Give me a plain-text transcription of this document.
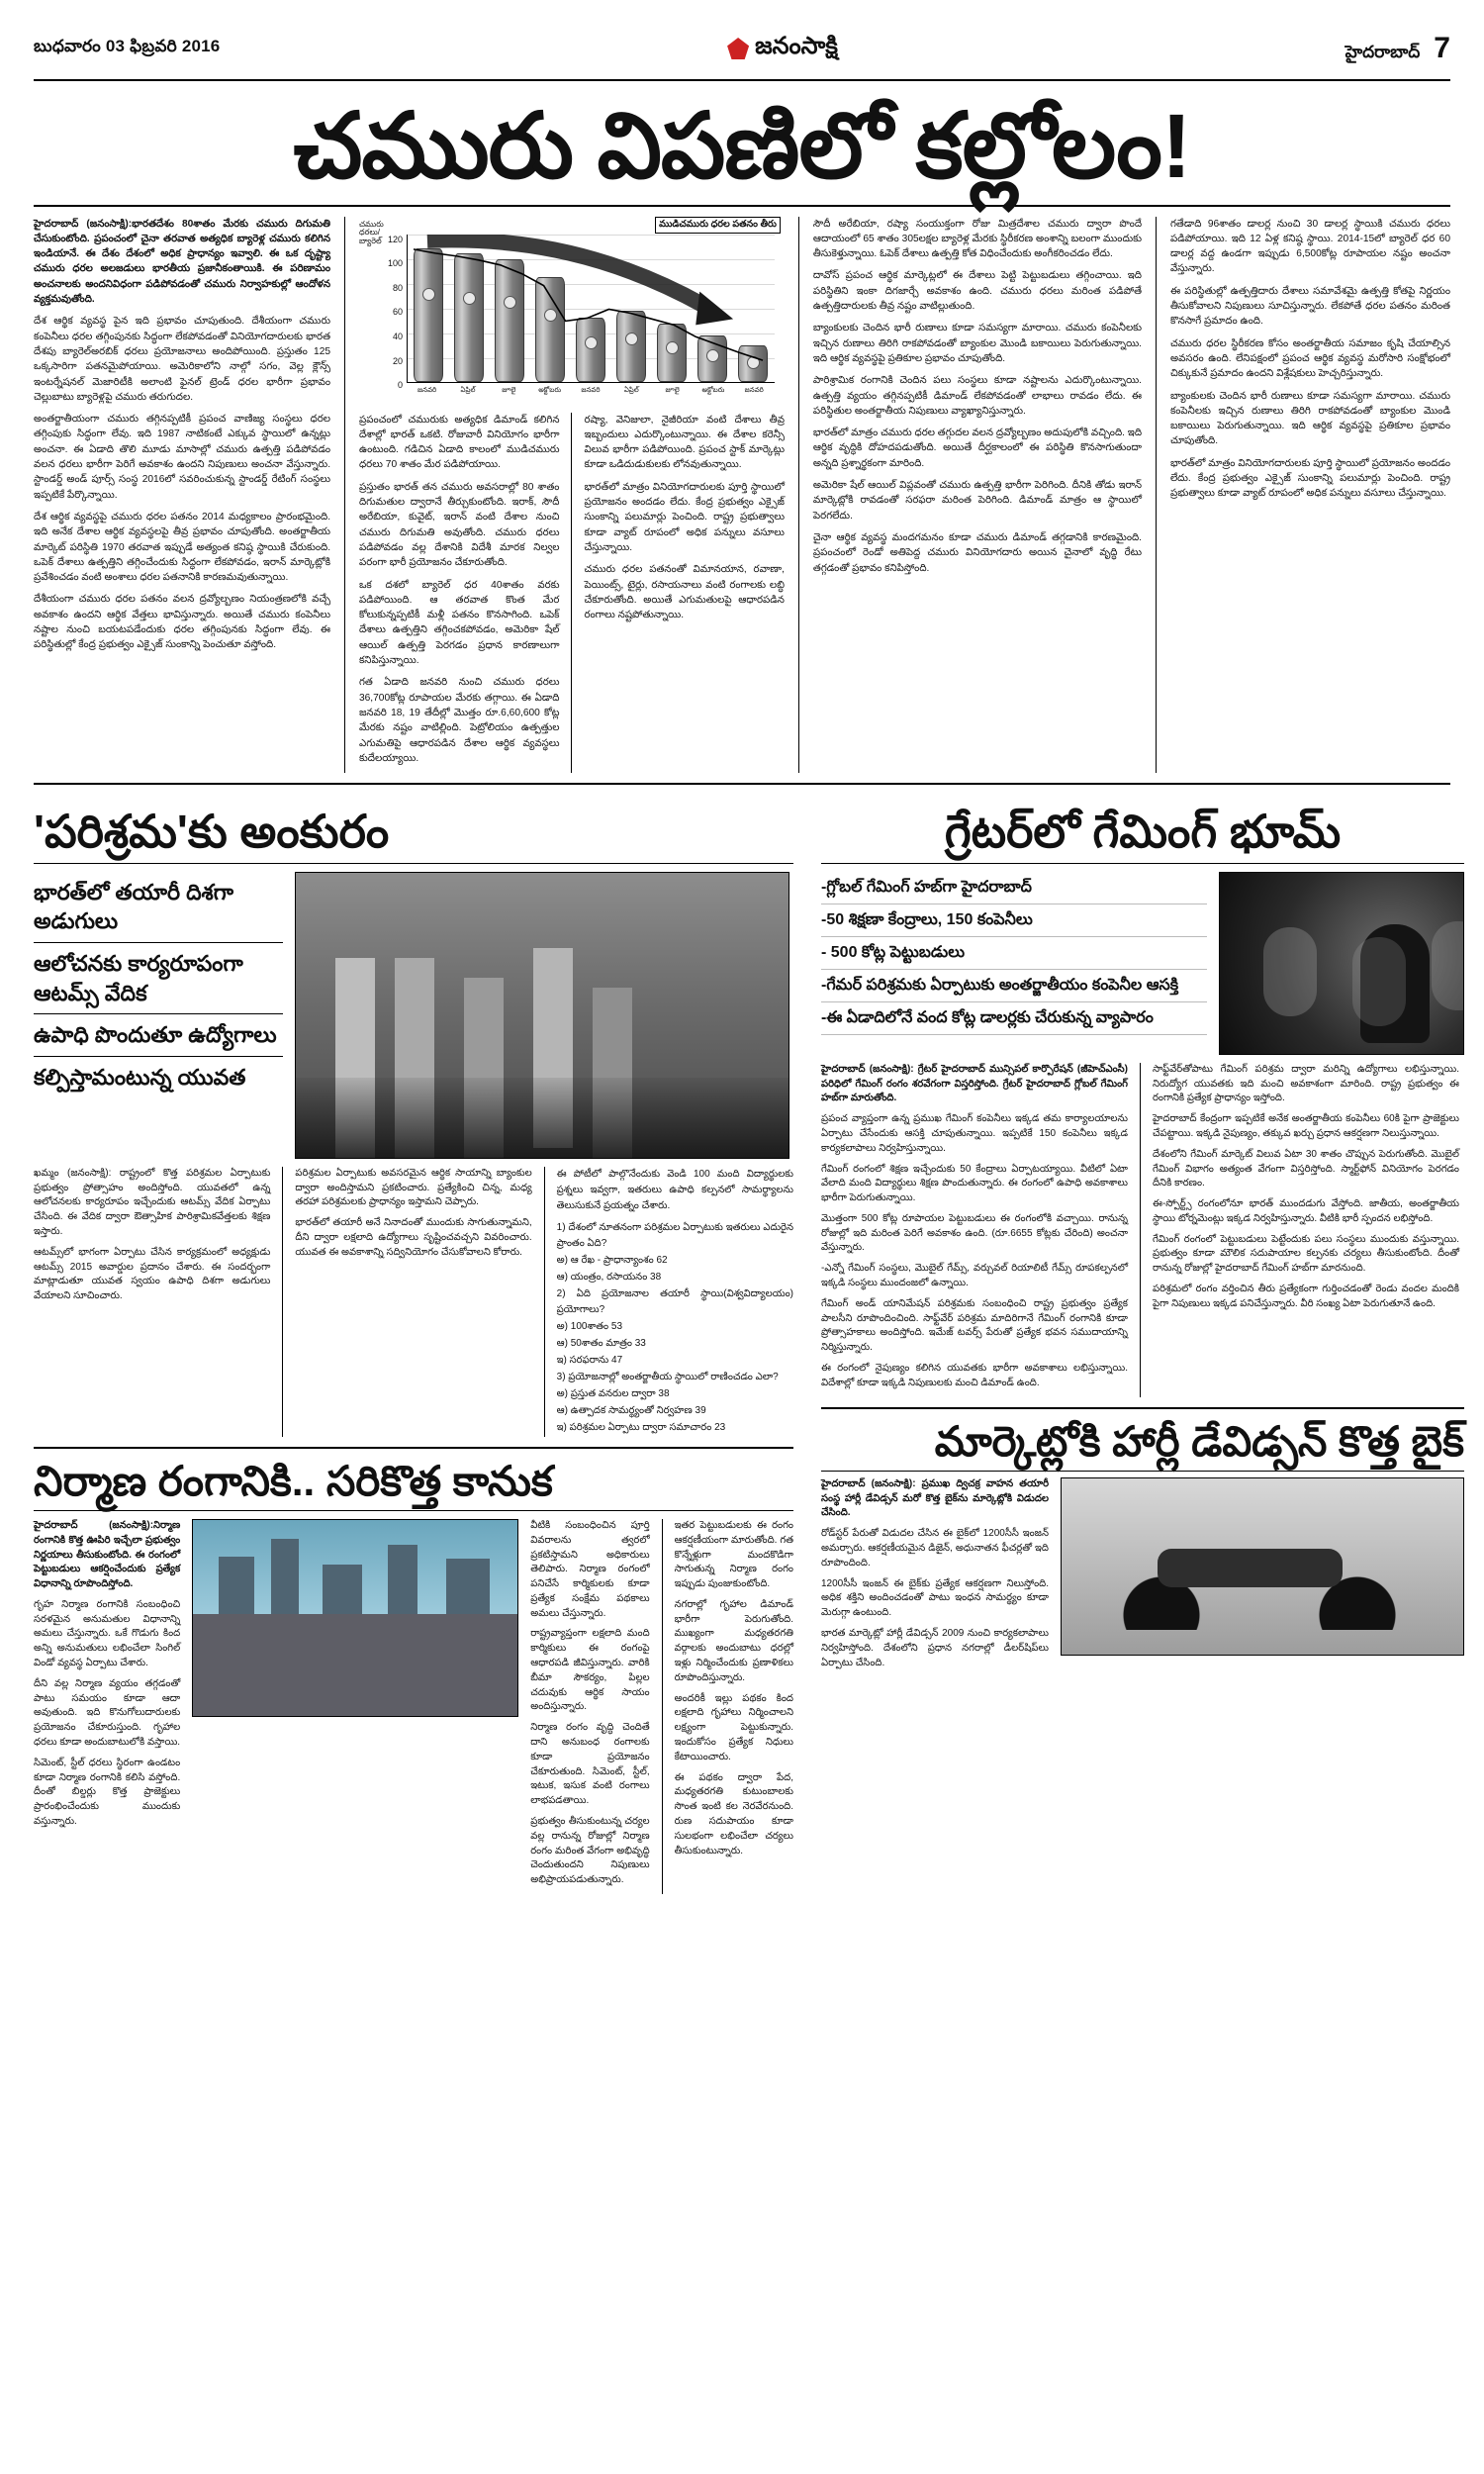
బుధవారం 03 ఫిబ్రవరి 2016	జనంసాక్షి	హైదరాబాద్ 7
చమురు విపణిలో కల్లోలం!

హైదరాబాద్ (జనంసాక్షి):భారతదేశం 80శాతం మేరకు చమురు దిగుమతి చేసుకుంటోంది. ప్రపంచంలో చైనా తరవాత అత్యధిక బ్యారెళ్ల చమురు కలిగిన ఇండియానే. ఈ దేశం దేశంలో అధిక ప్రాధాన్యం ఇవ్వాలి. ఈ ఒక దృష్ట్యా చమురు ధరల అలజడులు భారతీయ ప్రజానీకంతాయికి. ఈ పరిణామం అంచనాలకు అందనివిధంగా పడిపోవడంతో చమురు నిర్వాహకుల్లో ఆందోళన వ్యక్తమవుతోంది.

దేశ ఆర్థిక వ్యవస్థ పైన ఇది ప్రభావం చూపుతుంది. దేశీయంగా చమురు కంపెనీలు ధరల తగ్గింపునకు సిద్ధంగా లేకపోవడంతో వినియోగదారులకు భారత దేశపు బ్యారెల్‌అరబిక్ ధరలు ప్రయోజనాలు అందిపోయింది. ప్రస్తుతం 125 ఒక్కసారిగా పతనమైపోయాయి. అమెరికాలోని నాల్గో సగం, వెల్ల క్లౌన్స్ ఇంటర్నేషనల్ మెజారిటీకి అలాంటి ఫైనల్ ట్రెండ్ ధరల భారీగా ప్రభావం చెల్లుబాటు బ్యారెళ్లపై చమురు తరుగుదల.

అంతర్జాతీయంగా చమురు తగ్గినప్పటికీ ప్రపంచ వాణిజ్య సంస్థలు ధరల తగ్గింపుకు సిద్ధంగా లేవు. ఇది 1987 నాటికంటే ఎక్కువ స్థాయిలో ఉన్నట్లు అంచనా. ఈ ఏడాది తొలి మూడు మాసాల్లో చమురు ఉత్పత్తి పడిపోవడం వలన ధరలు భారీగా పెరిగే అవకాశం ఉందని నిపుణులు అంచనా వేస్తున్నారు. స్టాండర్డ్ అండ్ పూర్స్ సంస్థ 2016లో సవరించుకున్న స్టాండర్డ్ రేటింగ్ సంస్థలు ఇప్పటికే పేర్కొన్నాయి.

దేశ ఆర్థిక వ్యవస్థపై చమురు ధరల పతనం 2014 మధ్యకాలం ప్రారంభమైంది. ఇది అనేక దేశాల ఆర్థిక వ్యవస్థలపై తీవ్ర ప్రభావం చూపుతోంది. అంతర్జాతీయ మార్కెట్ పరిస్థితి 1970 తరవాత ఇప్పుడే అత్యంత కనిష్ఠ స్థాయికి చేరుకుంది. ఒపెక్ దేశాలు ఉత్పత్తిని తగ్గించేందుకు సిద్ధంగా లేకపోవడం, ఇరాన్ మార్కెట్లోకి ప్రవేశించడం వంటి అంశాలు ధరల పతనానికి కారణమవుతున్నాయి.

దేశీయంగా చమురు ధరల పతనం వలన ద్రవ్యోల్బణం నియంత్రణలోకి వచ్చే అవకాశం ఉందని ఆర్థిక వేత్తలు భావిస్తున్నారు. అయితే చమురు కంపెనీలు నష్టాల నుంచి బయటపడేందుకు ధరల తగ్గింపునకు సిద్ధంగా లేవు. ఈ పరిస్థితుల్లో కేంద్ర ప్రభుత్వం ఎక్సైజ్ సుంకాన్ని పెంచుతూ వస్తోంది.

చమురు ధరలు/బ్యారెల్ 120
100
80
60
40
20
0
ముడిచమురు ధరల పతనం తీరు
జనవరి	ఏప్రిల్	జూలై	అక్టోబరు	జనవరి	ఏప్రిల్	జూలై	అక్టోబరు	జనవరి

ప్రపంచంలో చమురుకు అత్యధిక డిమాండ్ కలిగిన దేశాల్లో భారత్ ఒకటి. రోజువారీ వినియోగం భారీగా ఉంటుంది. గడిచిన ఏడాది కాలంలో ముడిచమురు ధరలు 70 శాతం మేర పడిపోయాయి.

ప్రస్తుతం భారత్ తన చమురు అవసరాల్లో 80 శాతం దిగుమతుల ద్వారానే తీర్చుకుంటోంది. ఇరాక్, సౌదీ అరేబియా, కువైట్, ఇరాన్ వంటి దేశాల నుంచి చమురు దిగుమతి అవుతోంది. చమురు ధరలు పడిపోవడం వల్ల దేశానికి విదేశీ మారక నిల్వల పరంగా భారీ ప్రయోజనం చేకూరుతోంది.

ఒక దశలో బ్యారెల్ ధర 40శాతం వరకు పడిపోయింది. ఆ తరవాత కొంత మేర కోలుకున్నప్పటికీ మళ్లీ పతనం కొనసాగింది. ఒపెక్ దేశాలు ఉత్పత్తిని తగ్గించకపోవడం, అమెరికా షేల్ ఆయిల్ ఉత్పత్తి పెరగడం ప్రధాన కారణాలుగా కనిపిస్తున్నాయి.

గత ఏడాది జనవరి నుంచి చమురు ధరలు 36,700కోట్ల రూపాయల మేరకు తగ్గాయి. ఈ ఏడాది జనవరి 18, 19 తేదీల్లో మొత్తం రూ.6,60,600 కోట్ల మేరకు నష్టం వాటిల్లింది. పెట్రోలియం ఉత్పత్తుల ఎగుమతిపై ఆధారపడిన దేశాల ఆర్థిక వ్యవస్థలు కుదేలయ్యాయి.

రష్యా, వెనిజులా, నైజీరియా వంటి దేశాలు తీవ్ర ఇబ్బందులు ఎదుర్కొంటున్నాయి. ఈ దేశాల కరెన్సీ విలువ భారీగా పడిపోయింది. ప్రపంచ స్టాక్ మార్కెట్లు కూడా ఒడిదుడుకులకు లోనవుతున్నాయి.

భారత్‌లో మాత్రం వినియోగదారులకు పూర్తి స్థాయిలో ప్రయోజనం అందడం లేదు. కేంద్ర ప్రభుత్వం ఎక్సైజ్ సుంకాన్ని పలుమార్లు పెంచింది. రాష్ట్ర ప్రభుత్వాలు కూడా వ్యాట్ రూపంలో అధిక పన్నులు వసూలు చేస్తున్నాయి.

చమురు ధరల పతనంతో విమానయాన, రవాణా, పెయింట్స్, టైర్లు, రసాయనాలు వంటి రంగాలకు లబ్ధి చేకూరుతోంది. అయితే ఎగుమతులపై ఆధారపడిన రంగాలు నష్టపోతున్నాయి.

సౌదీ అరేబియా, రష్యా సంయుక్తంగా రోజు మిత్రదేశాల చమురు ద్వారా పొందే ఆదాయంలో 65 శాతం 305లక్షల బ్యారెళ్ల మేరకు స్థిరీకరణ అంశాన్ని బలంగా ముందుకు తీసుకెళ్తున్నాయి. ఓపెక్ దేశాలు ఉత్పత్తి కోత విధించేందుకు అంగీకరించడం లేదు.

దావోస్ ప్రపంచ ఆర్థిక మార్కెట్లలో ఈ దేశాలు పెట్టి పెట్టుబడులు తగ్గించాయి. ఇది పరిస్థితిని ఇంకా దిగజార్చే అవకాశం ఉంది. చమురు ధరలు మరింత పడిపోతే ఉత్పత్తిదారులకు తీవ్ర నష్టం వాటిల్లుతుంది.

బ్యాంకులకు చెందిన భారీ రుణాలు కూడా సమస్యగా మారాయి. చమురు కంపెనీలకు ఇచ్చిన రుణాలు తిరిగి రాకపోవడంతో బ్యాంకుల మొండి బకాయిలు పెరుగుతున్నాయి. ఇది ఆర్థిక వ్యవస్థపై ప్రతికూల ప్రభావం చూపుతోంది.

పారిశ్రామిక రంగానికి చెందిన పలు సంస్థలు కూడా నష్టాలను ఎదుర్కొంటున్నాయి. ఉత్పత్తి వ్యయం తగ్గినప్పటికీ డిమాండ్ లేకపోవడంతో లాభాలు రావడం లేదు. ఈ పరిస్థితుల అంతర్జాతీయ నిపుణులు వ్యాఖ్యానిస్తున్నారు.

భారత్‌లో మాత్రం చమురు ధరల తగ్గుదల వలన ద్రవ్యోల్బణం అదుపులోకి వచ్చింది. ఇది ఆర్థిక వృద్ధికి దోహదపడుతోంది. అయితే దీర్ఘకాలంలో ఈ పరిస్థితి కొనసాగుతుందా అన్నది ప్రశ్నార్థకంగా మారింది.

అమెరికా షేల్ ఆయిల్ విప్లవంతో చమురు ఉత్పత్తి భారీగా పెరిగింది. దీనికి తోడు ఇరాన్ మార్కెట్లోకి రావడంతో సరఫరా మరింత పెరిగింది. డిమాండ్ మాత్రం ఆ స్థాయిలో పెరగలేదు.

చైనా ఆర్థిక వ్యవస్థ మందగమనం కూడా చమురు డిమాండ్ తగ్గడానికి కారణమైంది. ప్రపంచంలో రెండో అతిపెద్ద చమురు వినియోగదారు అయిన చైనాలో వృద్ధి రేటు తగ్గడంతో ప్రభావం కనిపిస్తోంది.

గతేడాది 96శాతం డాలర్ల నుంచి 30 డాలర్ల స్థాయికి చమురు ధరలు పడిపోయాయి. ఇది 12 ఏళ్ల కనిష్ఠ స్థాయి. 2014-15లో బ్యారెల్ ధర 60 డాలర్ల వద్ద ఉండగా ఇప్పుడు 6,500కోట్ల రూపాయల నష్టం అంచనా వేస్తున్నారు.

ఈ పరిస్థితుల్లో ఉత్పత్తిదారు దేశాలు సమావేశమై ఉత్పత్తి కోతపై నిర్ణయం తీసుకోవాలని నిపుణులు సూచిస్తున్నారు. లేకపోతే ధరల పతనం మరింత కొనసాగే ప్రమాదం ఉంది.

చమురు ధరల స్థిరీకరణ కోసం అంతర్జాతీయ సమాజం కృషి చేయాల్సిన అవసరం ఉంది. లేనిపక్షంలో ప్రపంచ ఆర్థిక వ్యవస్థ మరోసారి సంక్షోభంలో చిక్కుకునే ప్రమాదం ఉందని విశ్లేషకులు హెచ్చరిస్తున్నారు.

బ్యాంకులకు చెందిన భారీ రుణాలు కూడా సమస్యగా మారాయి. చమురు కంపెనీలకు ఇచ్చిన రుణాలు తిరిగి రాకపోవడంతో బ్యాంకుల మొండి బకాయిలు పెరుగుతున్నాయి. ఇది ఆర్థిక వ్యవస్థపై ప్రతికూల ప్రభావం చూపుతోంది.

భారత్‌లో మాత్రం వినియోగదారులకు పూర్తి స్థాయిలో ప్రయోజనం అందడం లేదు. కేంద్ర ప్రభుత్వం ఎక్సైజ్ సుంకాన్ని పలుమార్లు పెంచింది. రాష్ట్ర ప్రభుత్వాలు కూడా వ్యాట్ రూపంలో అధిక పన్నులు వసూలు చేస్తున్నాయి.

'పరిశ్రమ'కు అంకురం
భారత్‌లో తయారీ దిశగా అడుగులు
ఆలోచనకు కార్యరూపంగా ఆటమ్స్ వేదిక
ఉపాధి పొందుతూ ఉద్యోగాలు
కల్పిస్తామంటున్న యువత

ఖమ్మం (జనంసాక్షి): రాష్ట్రంలో కొత్త పరిశ్రమల ఏర్పాటుకు ప్రభుత్వం ప్రోత్సాహం అందిస్తోంది. యువతలో ఉన్న ఆలోచనలకు కార్యరూపం ఇచ్చేందుకు ఆటమ్స్ వేదిక ఏర్పాటు చేసింది. ఈ వేదిక ద్వారా ఔత్సాహిక పారిశ్రామికవేత్తలకు శిక్షణ ఇస్తారు.

ఆటమ్స్‌లో భాగంగా ఏర్పాటు చేసిన కార్యక్రమంలో అధ్యక్షుడు ఆటమ్స్ 2015 అవార్డుల ప్రదానం చేశారు. ఈ సందర్భంగా మాట్లాడుతూ యువత స్వయం ఉపాధి దిశగా అడుగులు వేయాలని సూచించారు.

పరిశ్రమల ఏర్పాటుకు అవసరమైన ఆర్థిక సాయాన్ని బ్యాంకుల ద్వారా అందిస్తామని ప్రకటించారు. ప్రత్యేకించి చిన్న, మధ్య తరహా పరిశ్రమలకు ప్రాధాన్యం ఇస్తామని చెప్పారు.

భారత్‌లో తయారీ అనే నినాదంతో ముందుకు సాగుతున్నామని, దీని ద్వారా లక్షలాది ఉద్యోగాలు సృష్టించవచ్చని వివరించారు. యువత ఈ అవకాశాన్ని సద్వినియోగం చేసుకోవాలని కోరారు.

ఈ పోటీలో పాల్గొనేందుకు వెండి 100 మంది విద్యార్థులకు ప్రశ్నలు ఇవ్వగా, ఇతరులు ఉపాధి కల్పనలో సామర్థ్యాలను తెలుసుకునే ప్రయత్నం చేశారు.

1) దేశంలో నూతనంగా పరిశ్రమల ఏర్పాటుకు ఇతరులు ఎదురైన ప్రాంతం ఏది?
అ) ఆ రేఖ - ప్రాధాన్యాంశం 62
ఆ) యంత్రం, రసాయనం 38
2) ఏది ప్రయోజనాల తయారీ స్థాయి(విశ్వవిద్యాలయం) ప్రయోగాలు?
అ) 100శాతం 53
ఆ) 50శాతం మాత్రం 33
ఇ) సరఫరాను 47
3) ప్రయోజనాల్లో అంతర్జాతీయ స్థాయిలో రాణించడం ఎలా?
అ) ప్రస్తుత వనరుల ద్వారా 38
ఆ) ఉత్పాదక సామర్థ్యంతో నిర్వహణ 39
ఇ) పరిశ్రమల ఏర్పాటు ద్వారా సమాచారం 23
నిర్మాణ రంగానికి.. సరికొత్త కానుక

హైదరాబాద్ (జనంసాక్షి):నిర్మాణ రంగానికి కొత్త ఊపిరి ఇచ్చేలా ప్రభుత్వం నిర్ణయాలు తీసుకుంటోంది. ఈ రంగంలో పెట్టుబడులు ఆకర్షించేందుకు ప్రత్యేక విధానాన్ని రూపొందిస్తోంది.

గృహ నిర్మాణ రంగానికి సంబంధించి సరళమైన అనుమతుల విధానాన్ని అమలు చేస్తున్నారు. ఒకే గొడుగు కింద అన్ని అనుమతులు లభించేలా సింగిల్ విండో వ్యవస్థ ఏర్పాటు చేశారు.

దీని వల్ల నిర్మాణ వ్యయం తగ్గడంతో పాటు సమయం కూడా ఆదా అవుతుంది. ఇది కొనుగోలుదారులకు ప్రయోజనం చేకూరుస్తుంది. గృహాల ధరలు కూడా అందుబాటులోకి వస్తాయి.

సిమెంట్, స్టీల్ ధరలు స్థిరంగా ఉండటం కూడా నిర్మాణ రంగానికి కలిసి వస్తోంది. దీంతో బిల్డర్లు కొత్త ప్రాజెక్టులు ప్రారంభించేందుకు ముందుకు వస్తున్నారు.

వీటికి సంబంధించిన పూర్తి వివరాలను త్వరలో ప్రకటిస్తామని అధికారులు తెలిపారు. నిర్మాణ రంగంలో పనిచేసే కార్మికులకు కూడా ప్రత్యేక సంక్షేమ పథకాలు అమలు చేస్తున్నారు.

రాష్ట్రవ్యాప్తంగా లక్షలాది మంది కార్మికులు ఈ రంగంపై ఆధారపడి జీవిస్తున్నారు. వారికి బీమా సౌకర్యం, పిల్లల చదువుకు ఆర్థిక సాయం అందిస్తున్నారు.

నిర్మాణ రంగం వృద్ధి చెందితే దాని అనుబంధ రంగాలకు కూడా ప్రయోజనం చేకూరుతుంది. సిమెంట్, స్టీల్, ఇటుక, ఇసుక వంటి రంగాలు లాభపడతాయి.

ప్రభుత్వం తీసుకుంటున్న చర్యల వల్ల రానున్న రోజుల్లో నిర్మాణ రంగం మరింత వేగంగా అభివృద్ధి చెందుతుందని నిపుణులు అభిప్రాయపడుతున్నారు.

ఇతర పెట్టుబడులకు ఈ రంగం ఆకర్షణీయంగా మారుతోంది. గత కొన్నేళ్లుగా మందకొడిగా సాగుతున్న నిర్మాణ రంగం ఇప్పుడు పుంజుకుంటోంది.

నగరాల్లో గృహాల డిమాండ్ భారీగా పెరుగుతోంది. ముఖ్యంగా మధ్యతరగతి వర్గాలకు అందుబాటు ధరల్లో ఇళ్లు నిర్మించేందుకు ప్రణాళికలు రూపొందిస్తున్నారు.

అందరికీ ఇల్లు పథకం కింద లక్షలాది గృహాలు నిర్మించాలని లక్ష్యంగా పెట్టుకున్నారు. ఇందుకోసం ప్రత్యేక నిధులు కేటాయించారు.

ఈ పథకం ద్వారా పేద, మధ్యతరగతి కుటుంబాలకు సొంత ఇంటి కల నెరవేరనుంది. రుణ సదుపాయం కూడా సులభంగా లభించేలా చర్యలు తీసుకుంటున్నారు.

గ్రేటర్‌లో గేమింగ్ భూమ్
-గ్లోబల్ గేమింగ్ హబ్‌గా హైదరాబాద్
-50 శిక్షణా కేంద్రాలు, 150 కంపెనీలు
- 500 కోట్ల పెట్టుబడులు
-గేమర్ పరిశ్రమకు ఏర్పాటుకు అంతర్జాతీయం కంపెనీల ఆసక్తి
-ఈ ఏడాదిలోనే వంద కోట్ల డాలర్లకు చేరుకున్న వ్యాపారం

హైదరాబాద్ (జనంసాక్షి): గ్రేటర్ హైదరాబాద్ మున్సిపల్ కార్పొరేషన్ (జీహెచ్ఎంసీ) పరిధిలో గేమింగ్ రంగం శరవేగంగా విస్తరిస్తోంది. గ్రేటర్ హైదరాబాద్ గ్లోబల్ గేమింగ్ హబ్‌గా మారుతోంది.

ప్రపంచ వ్యాప్తంగా ఉన్న ప్రముఖ గేమింగ్ కంపెనీలు ఇక్కడ తమ కార్యాలయాలను ఏర్పాటు చేసేందుకు ఆసక్తి చూపుతున్నాయి. ఇప్పటికే 150 కంపెనీలు ఇక్కడ కార్యకలాపాలు నిర్వహిస్తున్నాయి.

గేమింగ్ రంగంలో శిక్షణ ఇచ్చేందుకు 50 కేంద్రాలు ఏర్పాటయ్యాయి. వీటిలో ఏటా వేలాది మంది విద్యార్థులు శిక్షణ పొందుతున్నారు. ఈ రంగంలో ఉపాధి అవకాశాలు భారీగా పెరుగుతున్నాయి.

మొత్తంగా 500 కోట్ల రూపాయల పెట్టుబడులు ఈ రంగంలోకి వచ్చాయి. రానున్న రోజుల్లో ఇది మరింత పెరిగే అవకాశం ఉంది. (రూ.6655 కోట్లకు చేరింది) అంచనా వేస్తున్నారు.

-ఎన్నో గేమింగ్ సంస్థలు, మొబైల్ గేమ్స్, వర్చువల్ రియాలిటీ గేమ్స్ రూపకల్పనలో ఇక్కడి సంస్థలు ముందంజలో ఉన్నాయి.

గేమింగ్ అండ్ యానిమేషన్ పరిశ్రమకు సంబంధించి రాష్ట్ర ప్రభుత్వం ప్రత్యేక పాలసీని రూపొందించింది. సాఫ్ట్‌వేర్ పరిశ్రమ మాదిరిగానే గేమింగ్ రంగానికి కూడా ప్రోత్సాహకాలు అందిస్తోంది. ఇమేజ్ టవర్స్ పేరుతో ప్రత్యేక భవన సముదాయాన్ని నిర్మిస్తున్నారు.

ఈ రంగంలో నైపుణ్యం కలిగిన యువతకు భారీగా అవకాశాలు లభిస్తున్నాయి. విదేశాల్లో కూడా ఇక్కడి నిపుణులకు మంచి డిమాండ్ ఉంది.

సాఫ్ట్‌వేర్‌తోపాటు గేమింగ్ పరిశ్రమ ద్వారా మరిన్ని ఉద్యోగాలు లభిస్తున్నాయి. నిరుద్యోగ యువతకు ఇది మంచి అవకాశంగా మారింది. రాష్ట్ర ప్రభుత్వం ఈ రంగానికి ప్రత్యేక ప్రాధాన్యం ఇస్తోంది.

హైదరాబాద్ కేంద్రంగా ఇప్పటికే అనేక అంతర్జాతీయ కంపెనీలు 60కి పైగా ప్రాజెక్టులు చేపట్టాయి. ఇక్కడి నైపుణ్యం, తక్కువ ఖర్చు ప్రధాన ఆకర్షణగా నిలుస్తున్నాయి.

దేశంలోని గేమింగ్ మార్కెట్ విలువ ఏటా 30 శాతం చొప్పున పెరుగుతోంది. మొబైల్ గేమింగ్ విభాగం అత్యంత వేగంగా విస్తరిస్తోంది. స్మార్ట్‌ఫోన్ వినియోగం పెరగడం దీనికి కారణం.

ఈ-స్పోర్ట్స్ రంగంలోనూ భారత్ ముందడుగు వేస్తోంది. జాతీయ, అంతర్జాతీయ స్థాయి టోర్నమెంట్లు ఇక్కడ నిర్వహిస్తున్నారు. వీటికి భారీ స్పందన లభిస్తోంది.

గేమింగ్ రంగంలో పెట్టుబడులు పెట్టేందుకు పలు సంస్థలు ముందుకు వస్తున్నాయి. ప్రభుత్వం కూడా మౌలిక సదుపాయాల కల్పనకు చర్యలు తీసుకుంటోంది. దీంతో రానున్న రోజుల్లో హైదరాబాద్ గేమింగ్ హబ్‌గా మారనుంది.

పరిశ్రమలో రంగం వర్తించిన తీరు ప్రత్యేకంగా గుర్తించడంతో రెండు వందల మందికి పైగా నిపుణులు ఇక్కడ పనిచేస్తున్నారు. వీరి సంఖ్య ఏటా పెరుగుతూనే ఉంది.

మార్కెట్లోకి హార్లీ డేవిడ్సన్ కొత్త బైక్

హైదరాబాద్ (జనంసాక్షి): ప్రముఖ ద్విచక్ర వాహన తయారీ సంస్థ హార్లీ డేవిడ్సన్ మరో కొత్త బైక్‌ను మార్కెట్లోకి విడుదల చేసింది.

రోడ్‌స్టర్ పేరుతో విడుదల చేసిన ఈ బైక్‌లో 1200సీసీ ఇంజన్ అమర్చారు. ఆకర్షణీయమైన డిజైన్, అధునాతన ఫీచర్లతో ఇది రూపొందింది.

1200సీసీ ఇంజన్ ఈ బైక్‌కు ప్రత్యేక ఆకర్షణగా నిలుస్తోంది. అధిక శక్తిని అందించడంతో పాటు ఇంధన సామర్థ్యం కూడా మెరుగ్గా ఉంటుంది.

భారత మార్కెట్లో హార్లీ డేవిడ్సన్ 2009 నుంచి కార్యకలాపాలు నిర్వహిస్తోంది. దేశంలోని ప్రధాన నగరాల్లో డీలర్‌షిప్‌లు ఏర్పాటు చేసింది.
